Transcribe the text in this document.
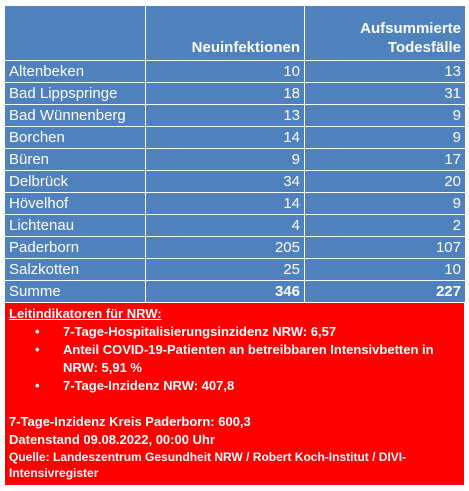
	Neuinfektionen	Aufsummierte
Todesfälle
Altenbeken	10	13
Bad Lippspringe	18	31
Bad Wünnenberg	13	9
Borchen	14	9
Büren	9	17
Delbrück	34	20
Hövelhof	14	9
Lichtenau	4	2
Paderborn	205	107
Salzkotten	25	10
Summe	346	227
Leitindikatoren für NRW:
• 7-Tage-Hospitalisierungsinzidenz NRW: 6,57
• Anteil COVID-19-Patienten an betreibbaren Intensivbetten in NRW: 5,91 %
• 7-Tage-Inzidenz NRW: 407,8
7-Tage-Inzidenz Kreis Paderborn: 600,3
Datenstand 09.08.2022, 00:00 Uhr
Quelle: Landeszentrum Gesundheit NRW / Robert Koch-Institut / DIVI-Intensivregister
